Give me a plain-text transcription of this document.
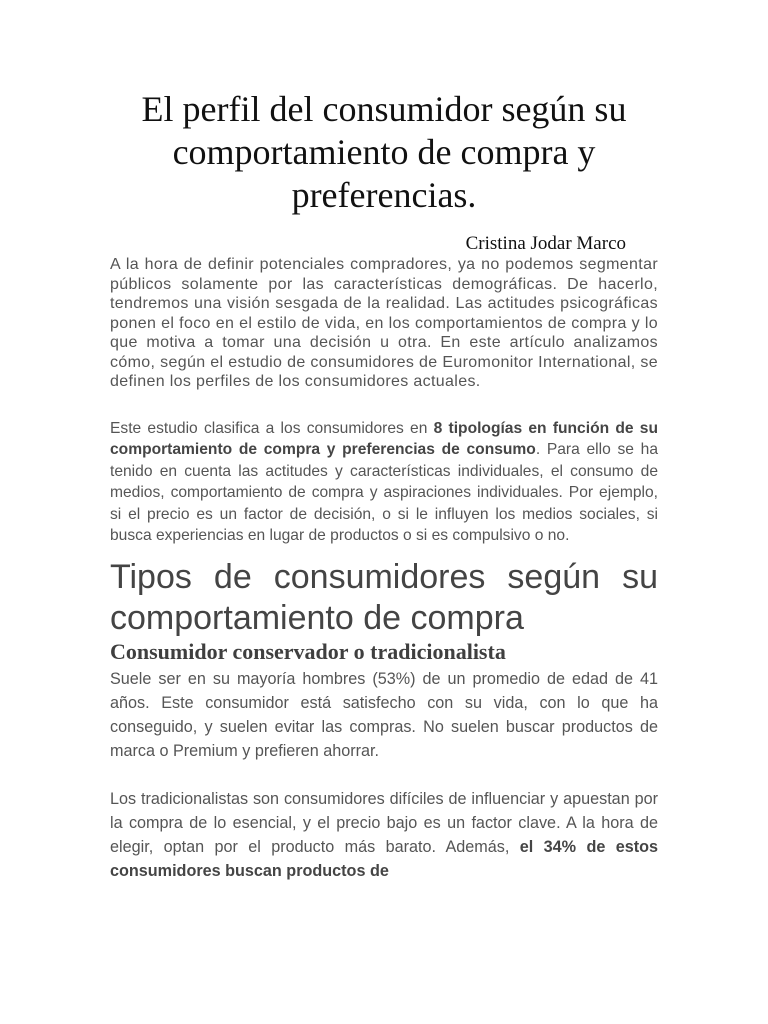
El perfil del consumidor según su comportamiento de compra y preferencias.
Cristina Jodar Marco

A la hora de definir potenciales compradores, ya no podemos segmentar públicos solamente por las características demográficas. De hacerlo, tendremos una visión sesgada de la realidad. Las actitudes psicográficas ponen el foco en el estilo de vida, en los comportamientos de compra y lo que motiva a tomar una decisión u otra. En este artículo analizamos cómo, según el estudio de consumidores de Euromonitor International, se definen los perfiles de los consumidores actuales.

Este estudio clasifica a los consumidores en 8 tipologías en función de su comportamiento de compra y preferencias de consumo. Para ello se ha tenido en cuenta las actitudes y características individuales, el consumo de medios, comportamiento de compra y aspiraciones individuales. Por ejemplo, si el precio es un factor de decisión, o si le influyen los medios sociales, si busca experiencias en lugar de productos o si es compulsivo o no.

Tipos de consumidores según su comportamiento de compra
Consumidor conservador o tradicionalista

Suele ser en su mayoría hombres (53%) de un promedio de edad de 41 años. Este consumidor está satisfecho con su vida, con lo que ha conseguido, y suelen evitar las compras. No suelen buscar productos de marca o Premium y prefieren ahorrar.

Los tradicionalistas son consumidores difíciles de influenciar y apuestan por la compra de lo esencial, y el precio bajo es un factor clave. A la hora de elegir, optan por el producto más barato. Además, el 34% de estos consumidores buscan productos de
